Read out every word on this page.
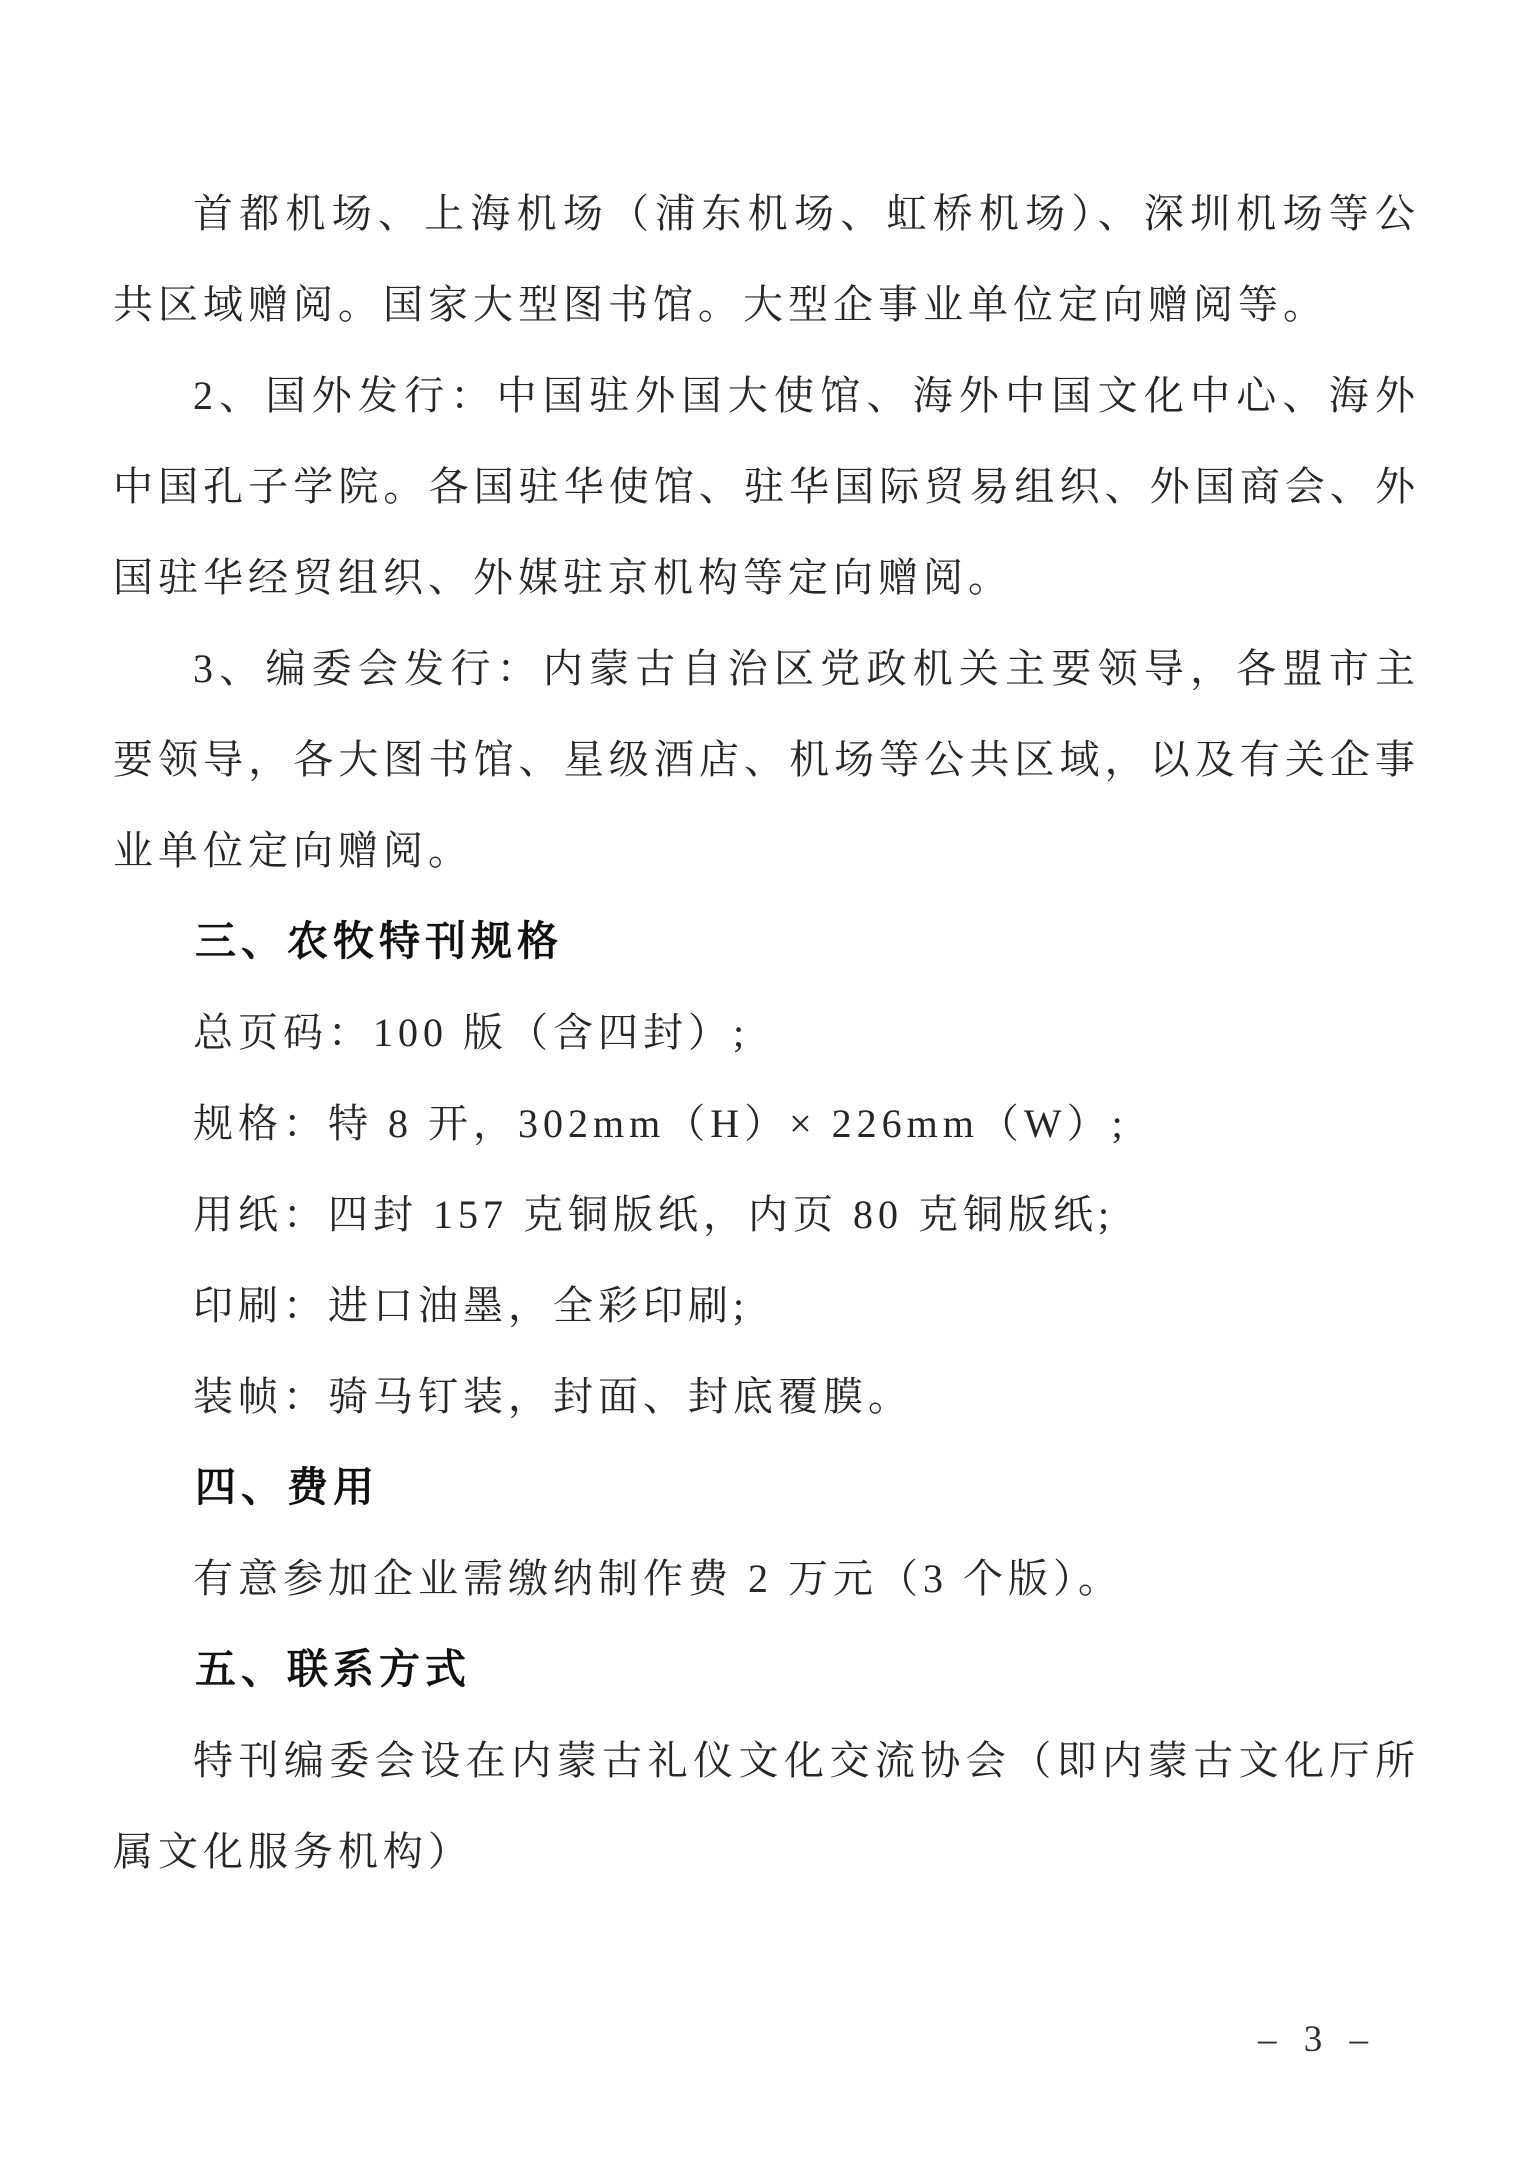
首都机场、上海机场（浦东机场、虹桥机场）、深圳机场等公共区域赠阅。国家大型图书馆。大型企事业单位定向赠阅等。

2、国外发行：中国驻外国大使馆、海外中国文化中心、海外中国孔子学院。各国驻华使馆、驻华国际贸易组织、外国商会、外国驻华经贸组织、外媒驻京机构等定向赠阅。

3、编委会发行：内蒙古自治区党政机关主要领导，各盟市主要领导，各大图书馆、星级酒店、机场等公共区域，以及有关企事业单位定向赠阅。

三、农牧特刊规格

总页码：100 版（含四封）;

规格：特 8 开，302mm（H）× 226mm（W）;

用纸：四封 157 克铜版纸，内页 80 克铜版纸;

印刷：进口油墨，全彩印刷;

装帧：骑马钉装，封面、封底覆膜。

四、费用

有意参加企业需缴纳制作费 2 万元（3 个版）。

五、联系方式

特刊编委会设在内蒙古礼仪文化交流协会（即内蒙古文化厅所属文化服务机构）

– 3 –
